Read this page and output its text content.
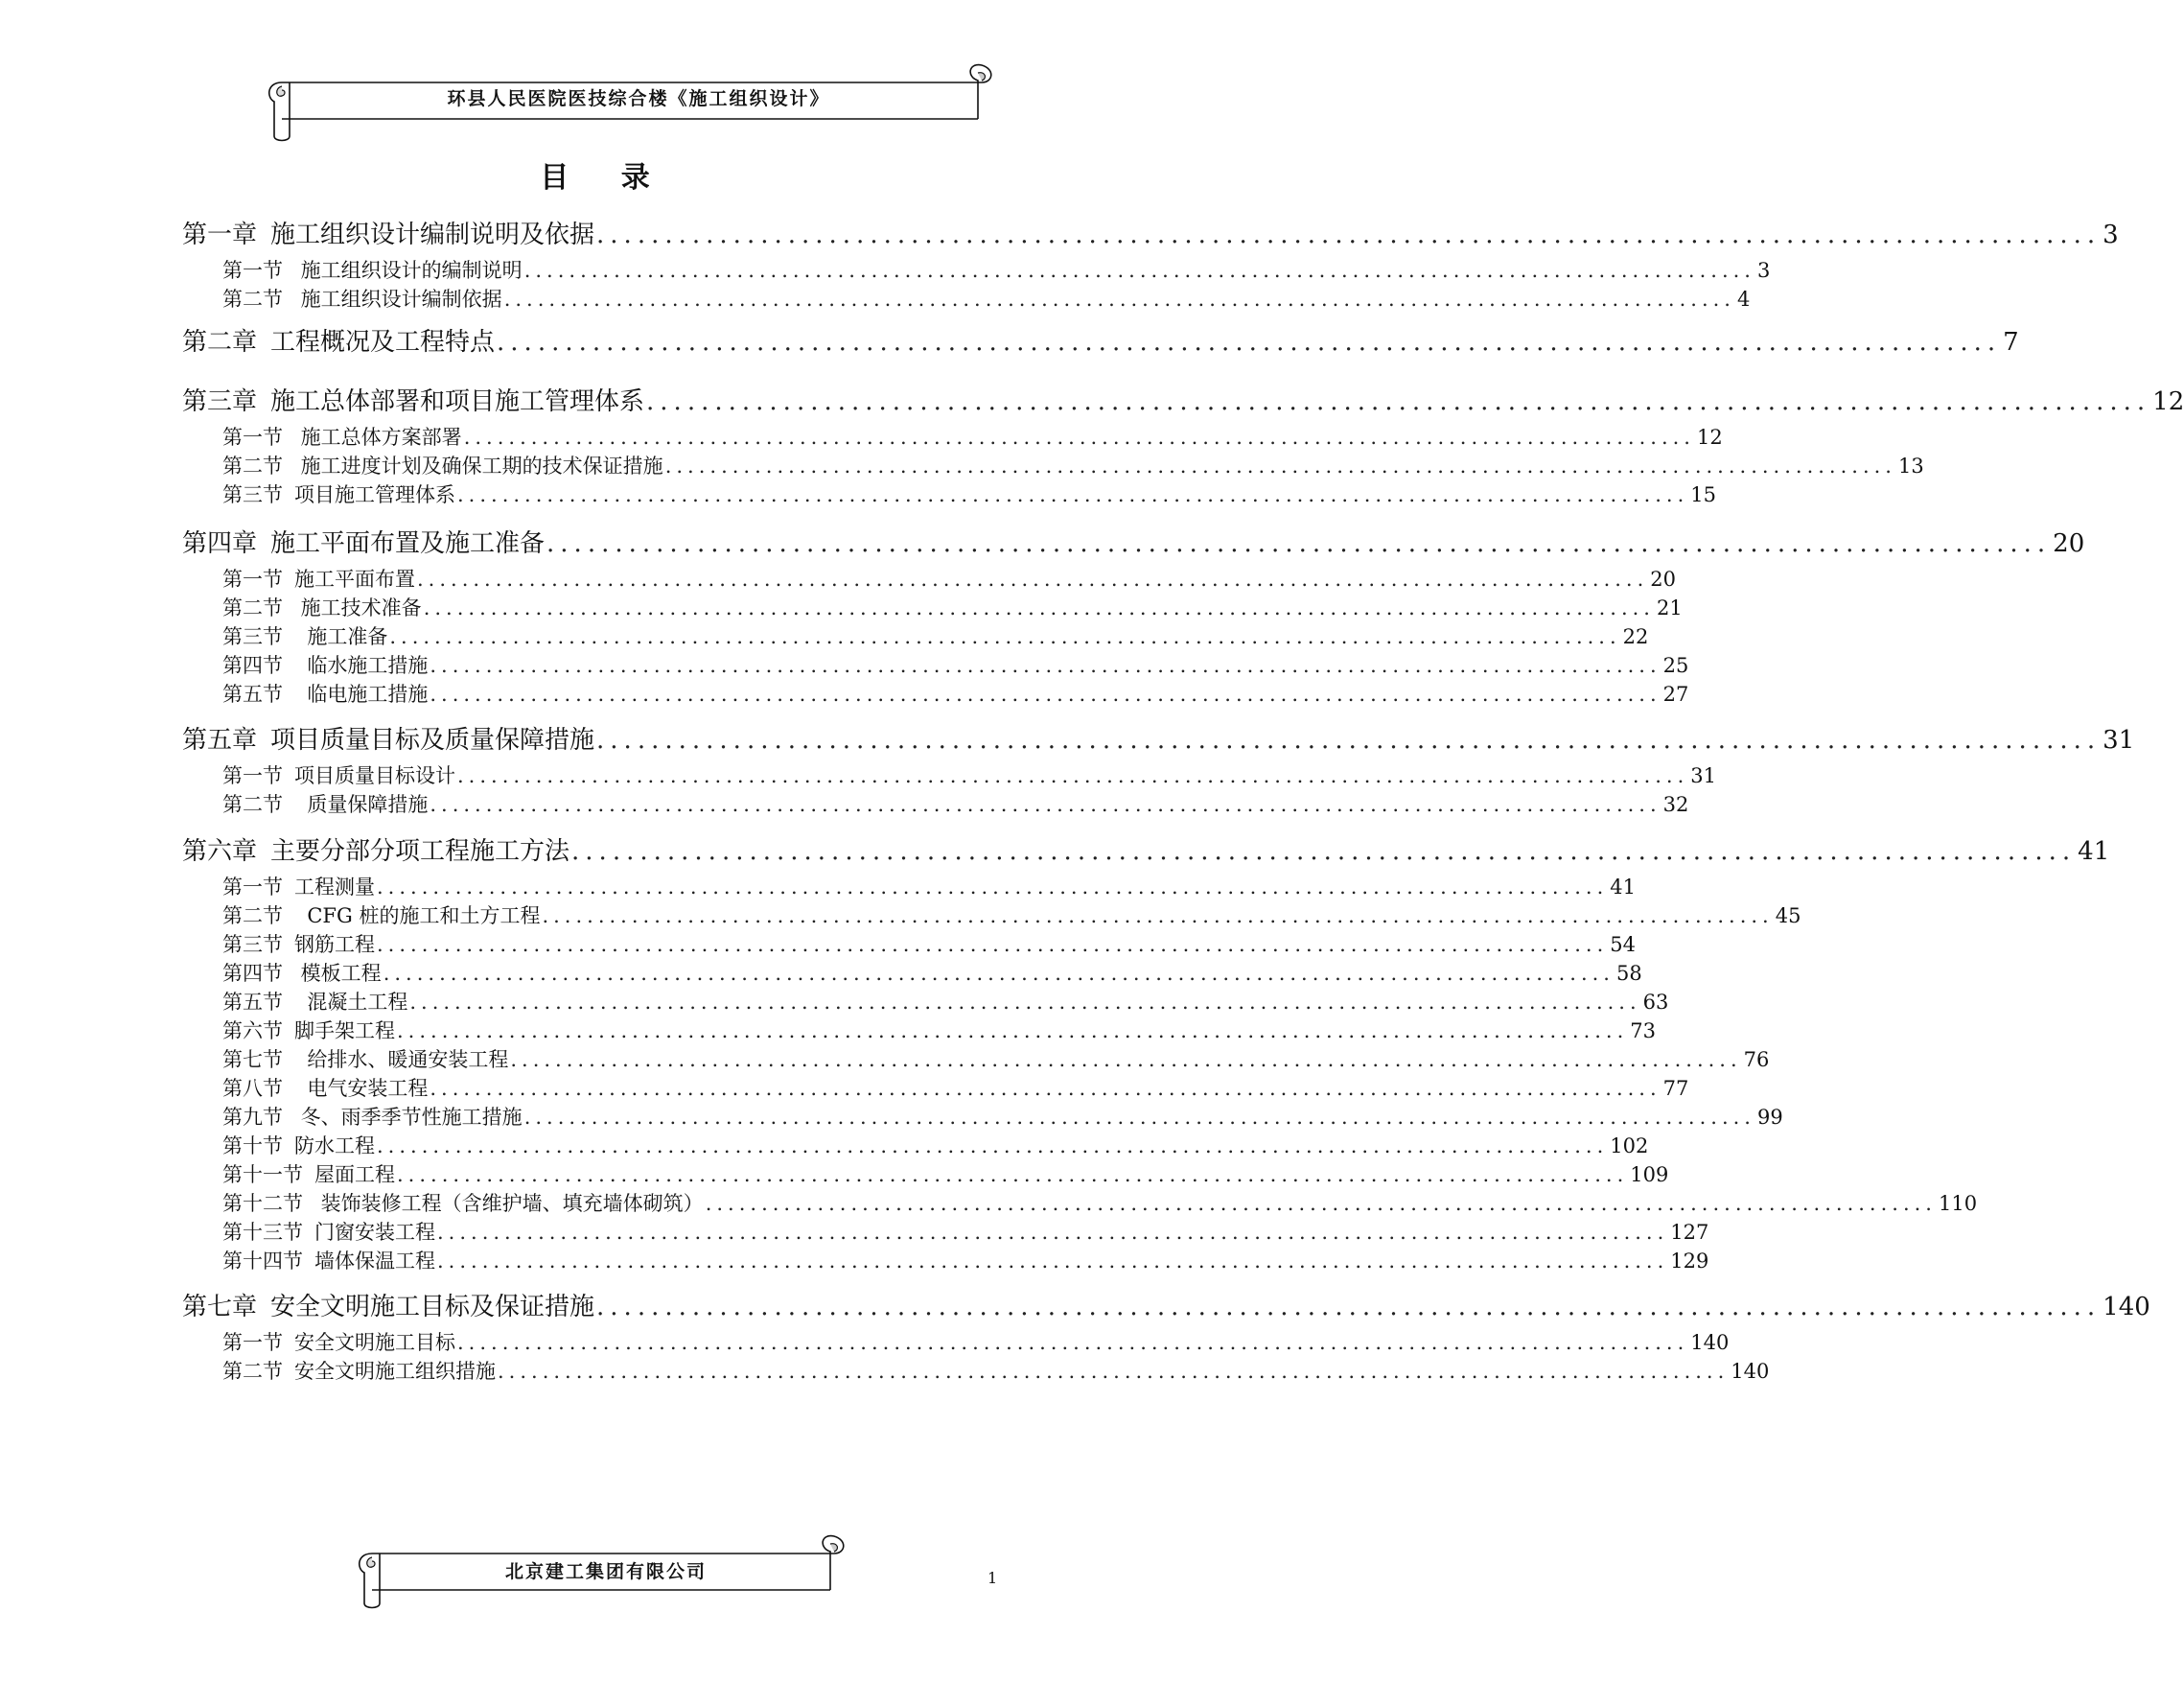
环县人民医院医技综合楼《施工组织设计》
目 录
第一章 施工组织设计编制说明及依据 .............................................................................................................. 3
第一节 施工组织设计的编制说明 .............................................................................................................. 3
第二节 施工组织设计编制依据 .............................................................................................................. 4
第二章 工程概况及工程特点 .............................................................................................................. 7
第三章 施工总体部署和项目施工管理体系 .............................................................................................................. 12
第一节 施工总体方案部署 .............................................................................................................. 12
第二节 施工进度计划及确保工期的技术保证措施 .............................................................................................................. 13
第三节 项目施工管理体系 .............................................................................................................. 15
第四章 施工平面布置及施工准备 .............................................................................................................. 20
第一节 施工平面布置 .............................................................................................................. 20
第二节 施工技术准备 .............................................................................................................. 21
第三节 施工准备 .............................................................................................................. 22
第四节 临水施工措施 .............................................................................................................. 25
第五节 临电施工措施 .............................................................................................................. 27
第五章 项目质量目标及质量保障措施 .............................................................................................................. 31
第一节 项目质量目标设计 .............................................................................................................. 31
第二节 质量保障措施 .............................................................................................................. 32
第六章 主要分部分项工程施工方法 .............................................................................................................. 41
第一节 工程测量 .............................................................................................................. 41
第二节 CFG 桩的施工和土方工程 .............................................................................................................. 45
第三节 钢筋工程 .............................................................................................................. 54
第四节 模板工程 .............................................................................................................. 58
第五节 混凝土工程 .............................................................................................................. 63
第六节 脚手架工程 .............................................................................................................. 73
第七节 给排水、暖通安装工程 .............................................................................................................. 76
第八节 电气安装工程 .............................................................................................................. 77
第九节 冬、雨季季节性施工措施 .............................................................................................................. 99
第十节 防水工程 .............................................................................................................. 102
第十一节 屋面工程 .............................................................................................................. 109
第十二节 装饰装修工程（含维护墙、填充墙体砌筑） .............................................................................................................. 110
第十三节 门窗安装工程 .............................................................................................................. 127
第十四节 墙体保温工程 .............................................................................................................. 129
第七章 安全文明施工目标及保证措施 .............................................................................................................. 140
第一节 安全文明施工目标 .............................................................................................................. 140
第二节 安全文明施工组织措施 .............................................................................................................. 140
北京建工集团有限公司	1
